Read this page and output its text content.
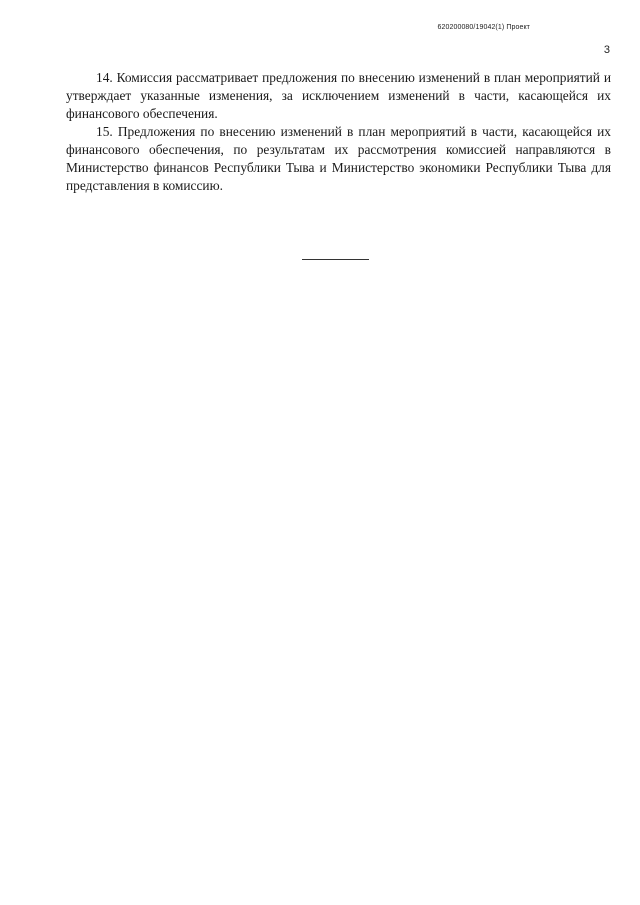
620200080/19042(1) Проект
3

14. Комиссия рассматривает предложения по внесению изменений в план мероприятий и утверждает указанные изменения, за исключением изменений в части, касающейся их финансового обеспечения.

15. Предложения по внесению изменений в план мероприятий в части, касающейся их финансового обеспечения, по результатам их рассмотрения комиссией направляются в Министерство финансов Республики Тыва и Министерство экономики Республики Тыва для представления в комиссию.
